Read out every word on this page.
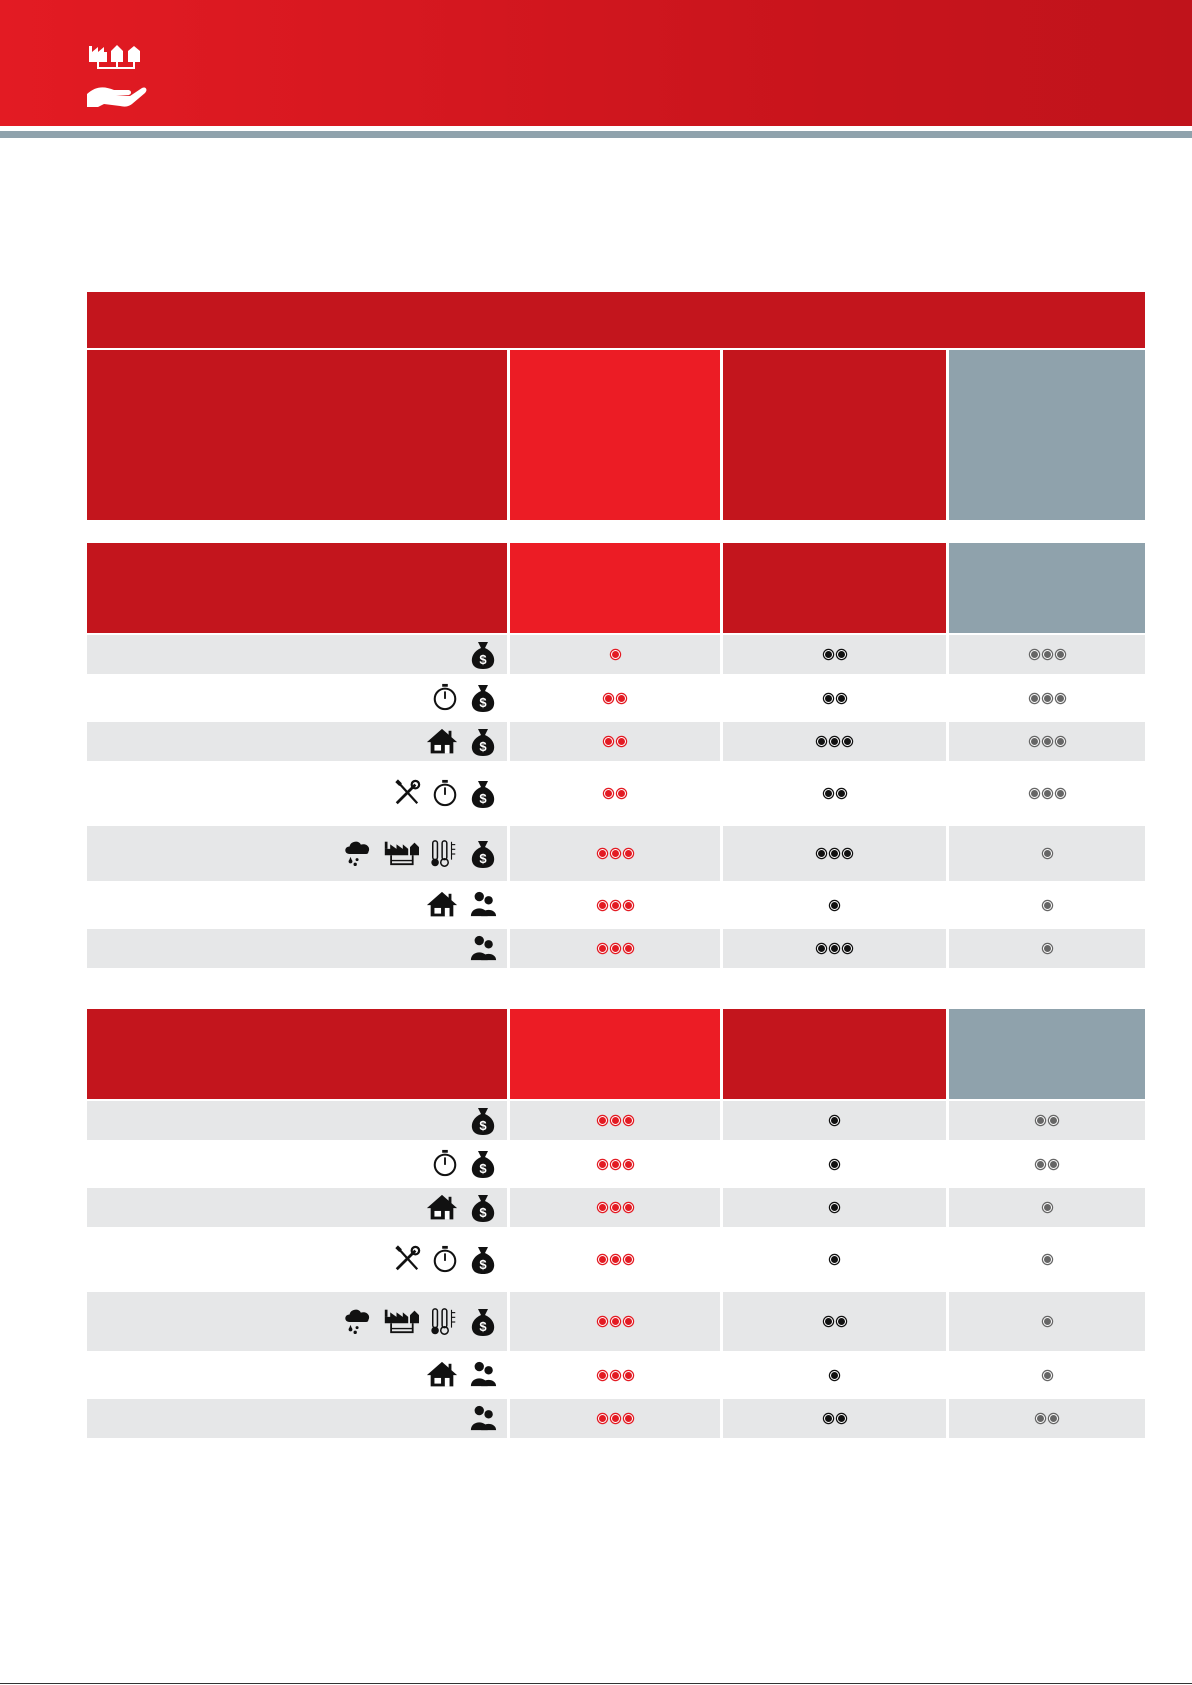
$
$
$
$
$
$
$
$
$
$
